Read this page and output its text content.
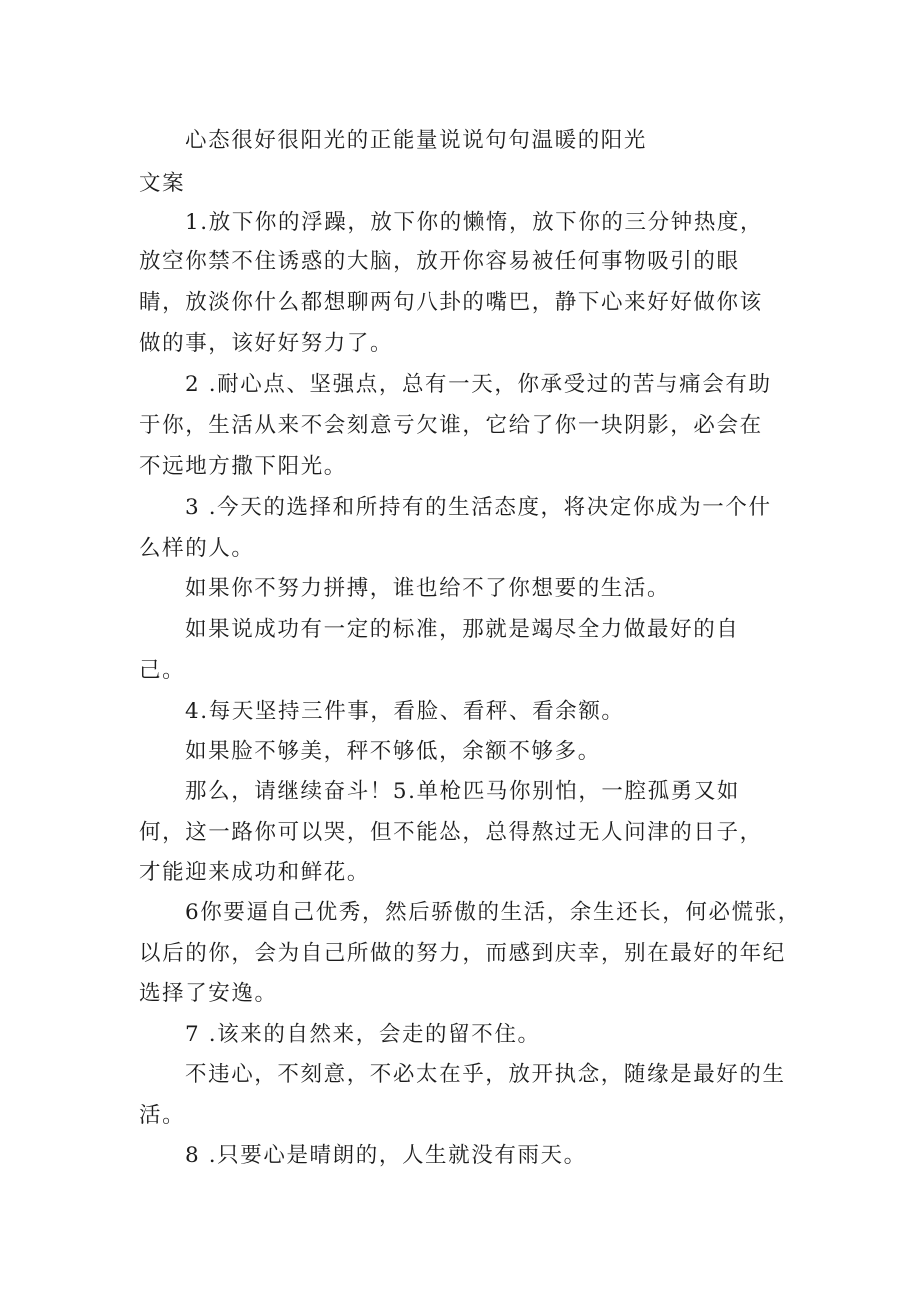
心态很好很阳光的正能量说说句句温暖的阳光
文案
1.放下你的浮躁，放下你的懒惰，放下你的三分钟热度，
放空你禁不住诱惑的大脑，放开你容易被任何事物吸引的眼
睛，放淡你什么都想聊两句八卦的嘴巴，静下心来好好做你该
做的事，该好好努力了。
2 .耐心点、坚强点，总有一天，你承受过的苦与痛会有助
于你，生活从来不会刻意亏欠谁，它给了你一块阴影，必会在
不远地方撒下阳光。
3 .今天的选择和所持有的生活态度，将决定你成为一个什
么样的人。
如果你不努力拼搏，谁也给不了你想要的生活。
如果说成功有一定的标准，那就是竭尽全力做最好的自
己。
4.每天坚持三件事，看脸、看秤、看余额。
如果脸不够美，秤不够低，余额不够多。
那么，请继续奋斗！5.单枪匹马你别怕，一腔孤勇又如
何，这一路你可以哭，但不能怂，总得熬过无人问津的日子，
才能迎来成功和鲜花。
6你要逼自己优秀，然后骄傲的生活，余生还长，何必慌张，
以后的你，会为自己所做的努力，而感到庆幸，别在最好的年纪
选择了安逸。
7 .该来的自然来，会走的留不住。
不违心，不刻意，不必太在乎，放开执念，随缘是最好的生
活。
8 .只要心是晴朗的，人生就没有雨天。
